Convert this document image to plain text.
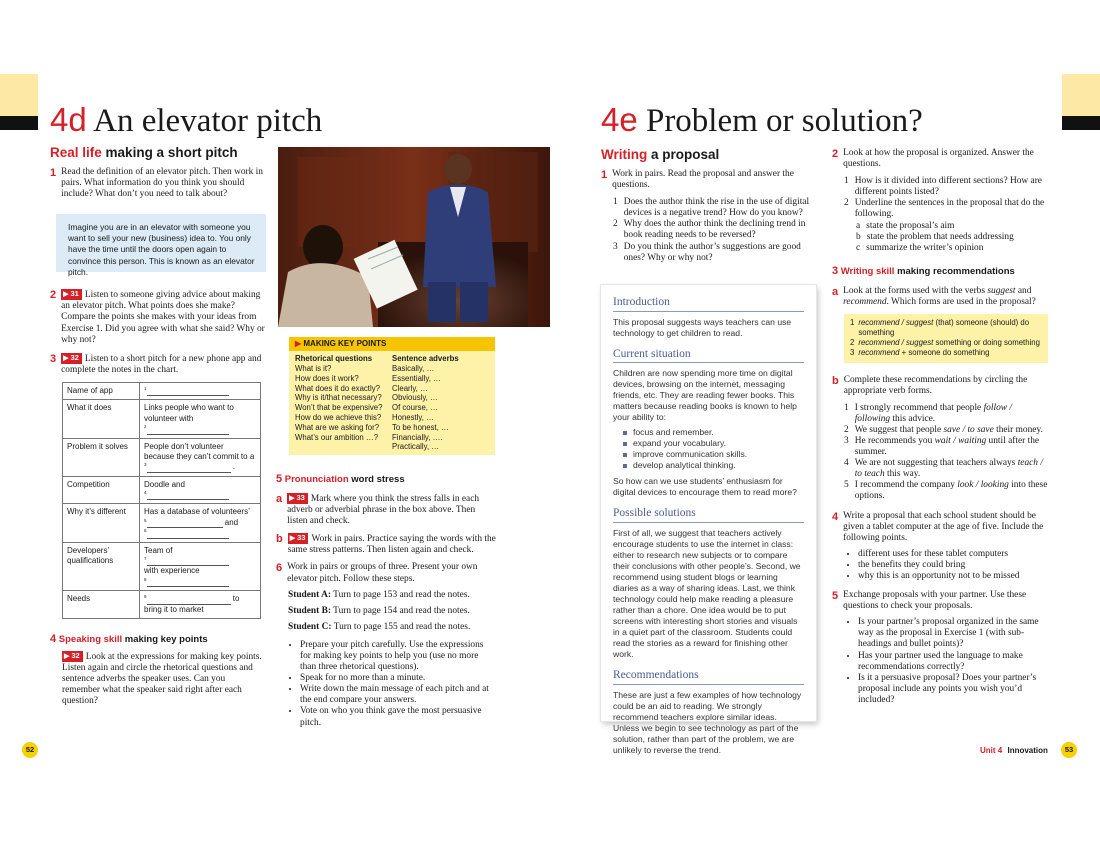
4d An elevator pitch
Real life making a short pitch
1 Read the definition of an elevator pitch. Then work in pairs. What information do you think you should include? What don’t you need to talk about?
Imagine you are in an elevator with someone you want to sell your new (business) idea to. You only have the time until the doors open again to convince this person. This is known as an elevator pitch.
2	▶ 31 Listen to someone giving advice about making an elevator pitch. What points does she make? Compare the points she makes with your ideas from Exercise 1. Did you agree with what she said? Why or why not?
3	▶ 32 Listen to a short pitch for a new phone app and complete the notes in the chart.
Name of app	$^1$
What it does	Links people who want to volunteer with
$^2$
Problem it solves	People don’t volunteer because they can’t commit to a $^3$ .
Competition	Doodle and
$^4$
Why it’s different	Has a database of volunteers’
$^5$ and
$^6$
Developers’ qualifications	Team of
$^7$
with experience
$^8$
Needs	$^9$ to
bring it to market
4 Speaking skill making key points
▶ 32 Look at the expressions for making key points. Listen again and circle the rhetorical questions and sentence adverbs the speaker uses. Can you remember what the speaker said right after each question?
▶ MAKING KEY POINTS
Rhetorical questions
What is it?
How does it work?
What does it do exactly?
Why is it/that necessary?
Won’t that be expensive?
How do we achieve this?
What are we asking for?
What’s our ambition …?
Sentence adverbs
Basically, …
Essentially, …
Clearly, …
Obviously, …
Of course, …
Honestly, …
To be honest, …
Financially, ….
Practically, …
5 Pronunciation word stress
a	▶ 33 Mark where you think the stress falls in each adverb or adverbial phrase in the box above. Then listen and check.
b	▶ 33 Work in pairs. Practice saying the words with the same stress patterns. Then listen again and check.
6 Work in pairs or groups of three. Present your own elevator pitch. Follow these steps.
Student A: Turn to page 153 and read the notes.
Student B: Turn to page 154 and read the notes.
Student C: Turn to page 155 and read the notes.
• Prepare your pitch carefully. Use the expressions for making key points to help you (use no more than three rhetorical questions).
• Speak for no more than a minute.
• Write down the main message of each pitch and at the end compare your answers.
• Vote on who you think gave the most persuasive pitch.
52
4e Problem or solution?
Writing a proposal
1 Work in pairs. Read the proposal and answer the questions.
1 Does the author think the rise in the use of digital devices is a negative trend? How do you know?
2 Why does the author think the declining trend in book reading needs to be reversed?
3 Do you think the author’s suggestions are good ones? Why or why not?
Introduction

This proposal suggests ways teachers can use technology to get children to read.

Current situation

Children are now spending more time on digital devices, browsing on the internet, messaging friends, etc. They are reading fewer books. This matters because reading books is known to help your ability to:

focus and remember.
expand your vocabulary.
improve communication skills.
develop analytical thinking.

So how can we use students’ enthusiasm for digital devices to encourage them to read more?

Possible solutions

First of all, we suggest that teachers actively encourage students to use the internet in class: either to research new subjects or to compare their conclusions with other people’s. Second, we recommend using student blogs or learning diaries as a way of sharing ideas. Last, we think technology could help make reading a pleasure rather than a chore. One idea would be to put screens with interesting short stories and visuals in a quiet part of the classroom. Students could read the stories as a reward for finishing other work.

Recommendations

These are just a few examples of how technology could be an aid to reading. We strongly recommend teachers explore similar ideas. Unless we begin to see technology as part of the solution, rather than part of the problem, we are unlikely to reverse the trend.

2 Look at how the proposal is organized. Answer the questions.
1 How is it divided into different sections? How are different points listed?
2 Underline the sentences in the proposal that do the following.
a state the proposal’s aim
b state the problem that needs addressing
c summarize the writer’s opinion
3 Writing skill making recommendations
a Look at the forms used with the verbs suggest and recommend. Which forms are used in the proposal?
1 recommend / suggest (that) someone (should) do something
2 recommend / suggest something or doing something
3 recommend + someone do something
b Complete these recommendations by circling the appropriate verb forms.
1 I strongly recommend that people follow / following this advice.
2 We suggest that people save / to save their money.
3 He recommends you wait / waiting until after the summer.
4 We are not suggesting that teachers always teach / to teach this way.
5 I recommend the company look / looking into these options.
4 Write a proposal that each school student should be given a tablet computer at the age of five. Include the following points.
• different uses for these tablet computers
• the benefits they could bring
• why this is an opportunity not to be missed
5 Exchange proposals with your partner. Use these questions to check your proposals.
• Is your partner’s proposal organized in the same way as the proposal in Exercise 1 (with sub-headings and bullet points)?
• Has your partner used the language to make recommendations correctly?
• Is it a persuasive proposal? Does your partner’s proposal include any points you wish you’d included?
Unit 4 Innovation	53
